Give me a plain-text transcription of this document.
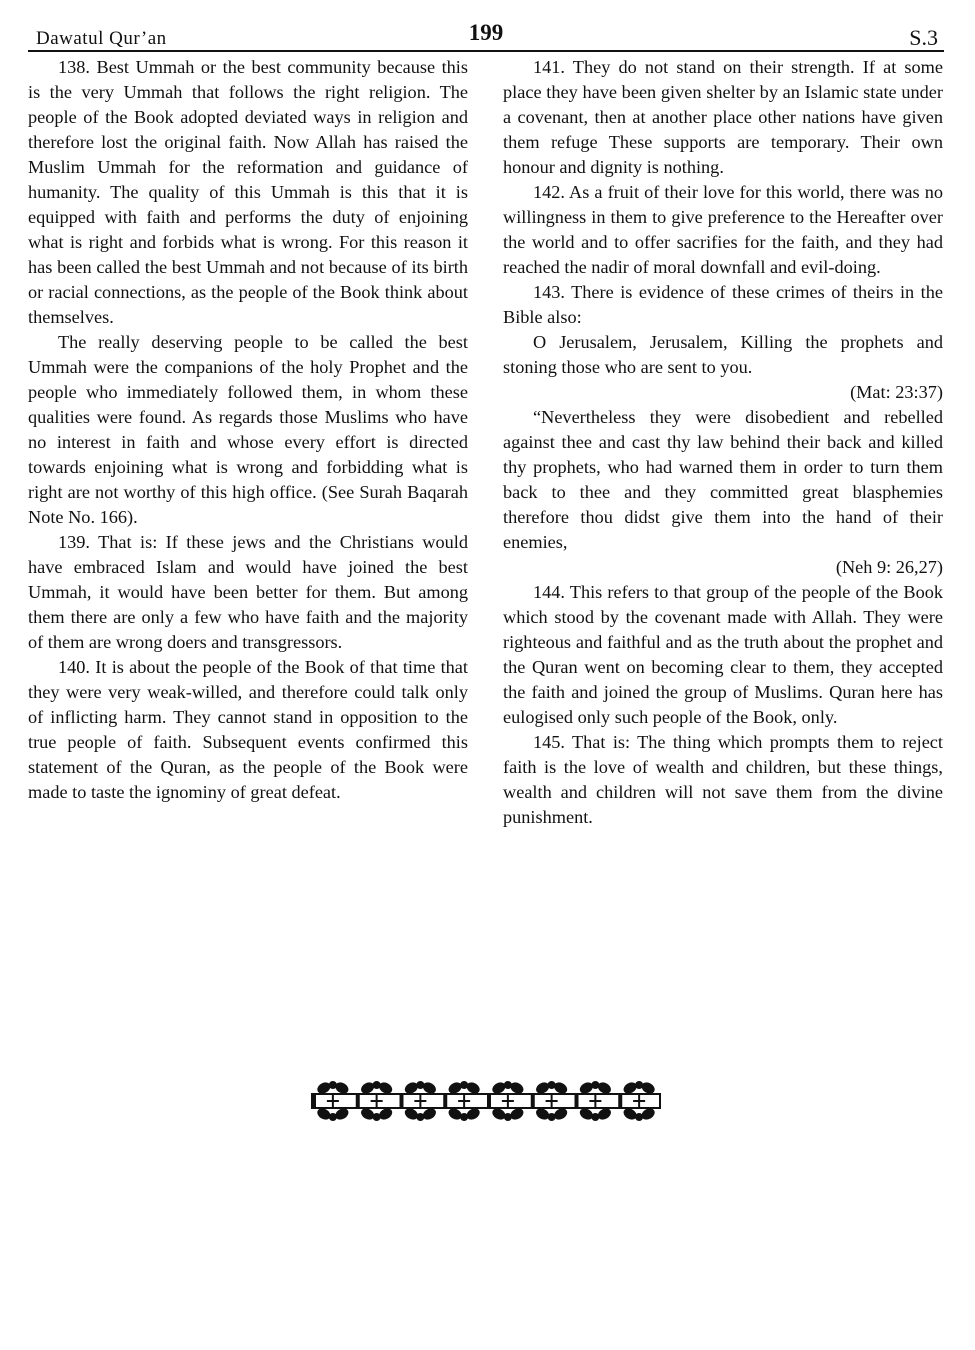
Dawatul Qur’an	199	S.3

138. Best Ummah or the best community because this is the very Ummah that follows the right religion. The people of the Book adopted deviated ways in religion and therefore lost the original faith. Now Allah has raised the Muslim Ummah for the reformation and guidance of humanity. The quality of this Ummah is this that it is equipped with faith and performs the duty of enjoining what is right and forbids what is wrong. For this reason it has been called the best Ummah and not because of its birth or racial connections, as the people of the Book think about themselves.

The really deserving people to be called the best Ummah were the companions of the holy Prophet and the people who immediately followed them, in whom these qualities were found. As regards those Muslims who have no interest in faith and whose every effort is directed towards enjoining what is wrong and forbidding what is right are not worthy of this high office. (See Surah Baqarah Note No. 166).

139. That is: If these jews and the Christians would have embraced Islam and would have joined the best Ummah, it would have been better for them. But among them there are only a few who have faith and the majority of them are wrong doers and transgressors.

140. It is about the people of the Book of that time that they were very weak-willed, and therefore could talk only of inflicting harm. They cannot stand in opposition to the true people of faith. Subsequent events confirmed this statement of the Quran, as the people of the Book were made to taste the ignominy of great defeat.

141. They do not stand on their strength. If at some place they have been given shelter by an Islamic state under a covenant, then at another place other nations have given them refuge These supports are temporary. Their own honour and dignity is nothing.

142. As a fruit of their love for this world, there was no willingness in them to give preference to the Hereafter over the world and to offer sacrifies for the faith, and they had reached the nadir of moral downfall and evil-doing.

143. There is evidence of these crimes of theirs in the Bible also:

O Jerusalem, Jerusalem, Killing the prophets and stoning those who are sent to you.

(Mat: 23:37)

“Nevertheless they were disobedient and rebelled against thee and cast thy law behind their back and killed thy prophets, who had warned them in order to turn them back to thee and they committed great blasphemies therefore thou didst give them into the hand of their enemies,

(Neh 9: 26,27)

144. This refers to that group of the people of the Book which stood by the covenant made with Allah. They were righteous and faithful and as the truth about the prophet and the Quran went on becoming clear to them, they accepted the faith and joined the group of Muslims. Quran here has eulogised only such people of the Book, only.

145. That is: The thing which prompts them to reject faith is the love of wealth and children, but these things, wealth and children will not save them from the divine punishment.
